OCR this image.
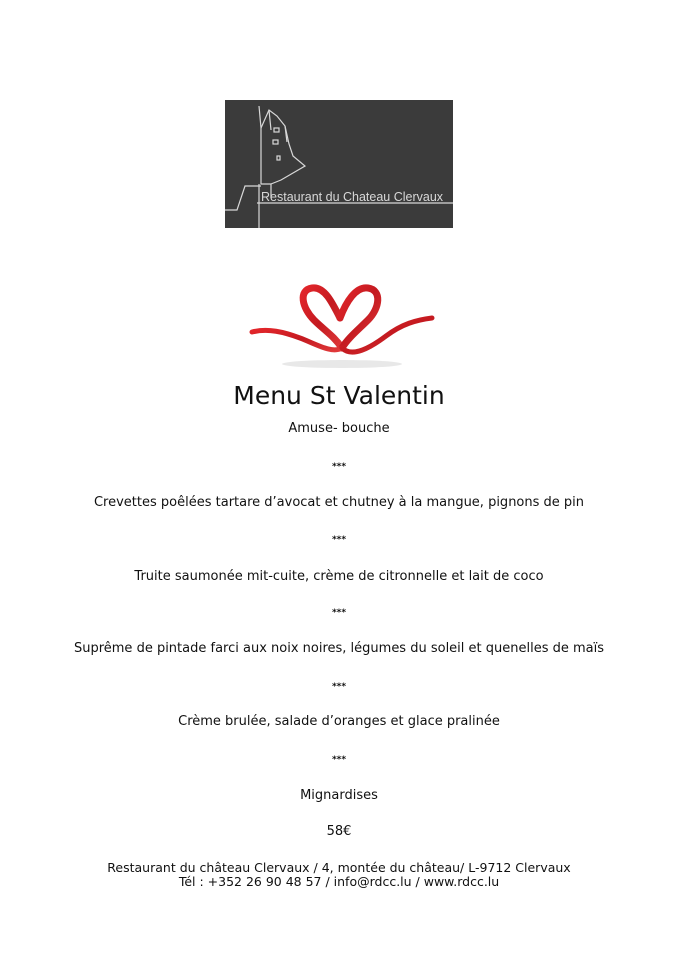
Restaurant du Chateau Clervaux
Menu St Valentin
Amuse- bouche
***
Crevettes poêlées tartare d’avocat et chutney à la mangue, pignons de pin
***
Truite saumonée mit-cuite, crème de citronnelle et lait de coco
***
Suprême de pintade farci aux noix noires, légumes du soleil et quenelles de maïs
***
Crème brulée, salade d’oranges et glace pralinée
***
Mignardises
58€
Restaurant du château Clervaux / 4, montée du château/ L-9712 Clervaux
Tél : +352 26 90 48 57 / info@rdcc.lu / www.rdcc.lu
